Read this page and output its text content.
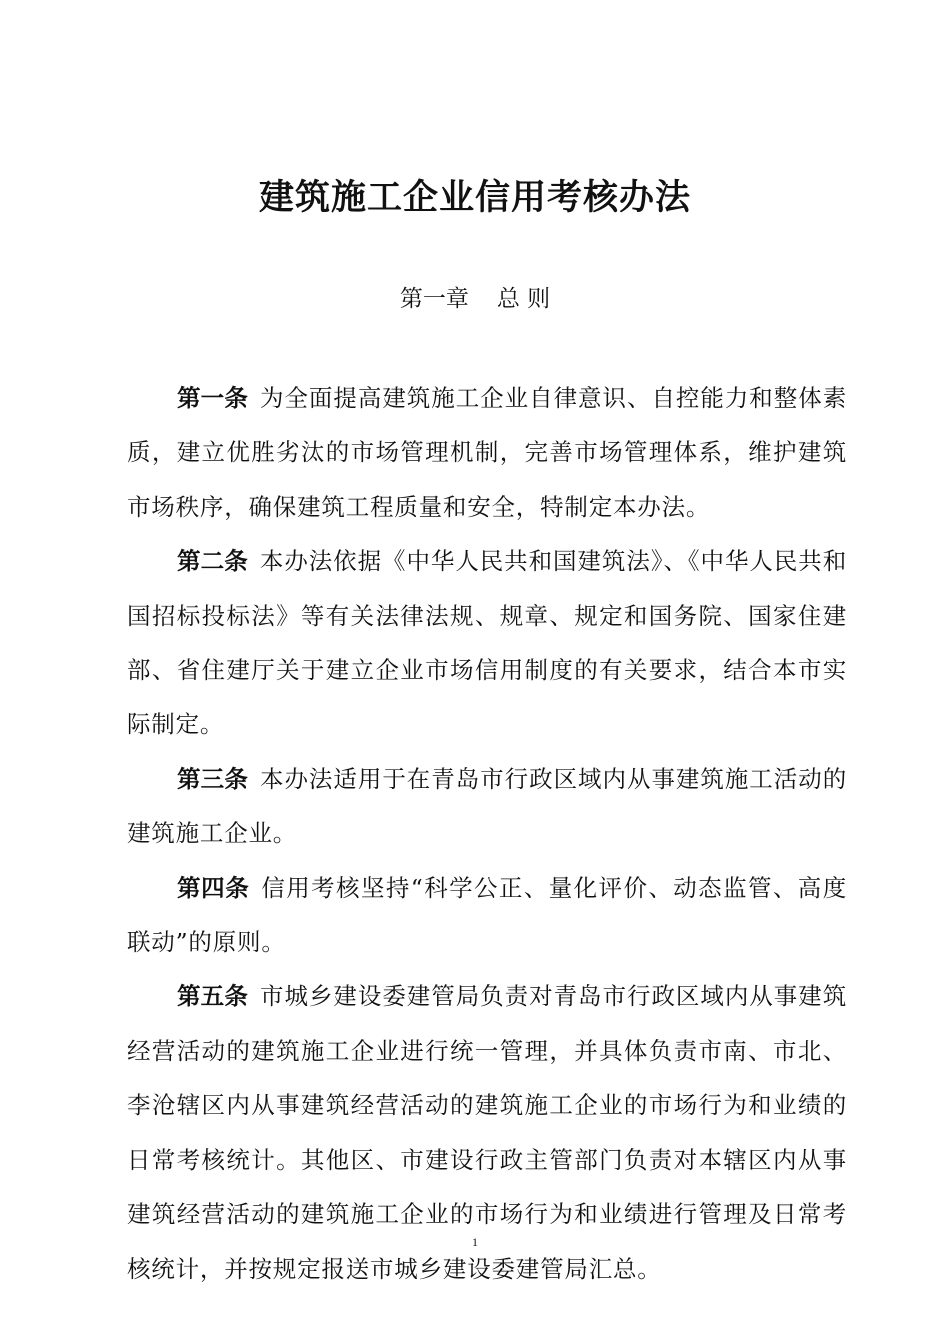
建筑施工企业信用考核办法
第一章 总 则

第一条 为全面提高建筑施工企业自律意识、自控能力和整体素质，建立优胜劣汰的市场管理机制，完善市场管理体系，维护建筑市场秩序，确保建筑工程质量和安全，特制定本办法。

第二条 本办法依据《中华人民共和国建筑法》、《中华人民共和国招标投标法》等有关法律法规、规章、规定和国务院、国家住建部、省住建厅关于建立企业市场信用制度的有关要求，结合本市实际制定。

第三条 本办法适用于在青岛市行政区域内从事建筑施工活动的建筑施工企业。

第四条 信用考核坚持“科学公正、量化评价、动态监管、高度联动”的原则。

第五条 市城乡建设委建管局负责对青岛市行政区域内从事建筑经营活动的建筑施工企业进行统一管理，并具体负责市南、市北、李沧辖区内从事建筑经营活动的建筑施工企业的市场行为和业绩的日常考核统计。其他区、市建设行政主管部门负责对本辖区内从事建筑经营活动的建筑施工企业的市场行为和业绩进行管理及日常考核统计，并按规定报送市城乡建设委建管局汇总。

1
